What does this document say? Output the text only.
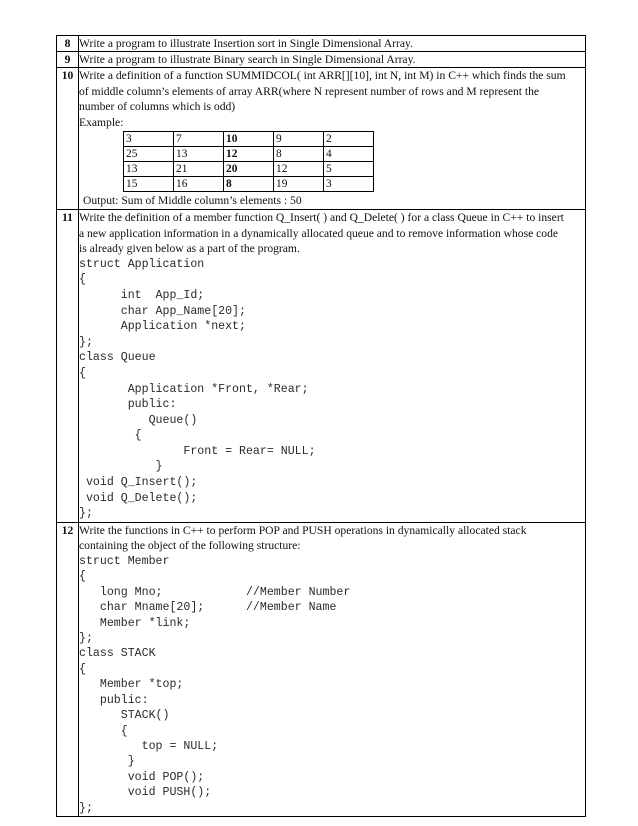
8	Write a program to illustrate Insertion sort in Single Dimensional Array.
9	Write a program to illustrate Binary search in Single Dimensional Array.
10	Write a definition of a function SUMMIDCOL( int ARR[][10], int N, int M) in C++ which finds the sum
of middle column’s elements of array ARR(where N represent number of rows and M represent the
number of columns which is odd)
Example:
3	7	10	9	2
25	13	12	8	4
13	21	20	12	5
15	16	8	19	3
Output: Sum of Middle column’s elements : 50

11	Write the definition of a member function Q_Insert( ) and Q_Delete( ) for a class Queue in C++ to insert
a new application information in a dynamically allocated queue and to remove information whose code
is already given below as a part of the program.
struct Application
{
int  App_Id;
char App_Name[20];
Application *next;
};
class Queue
{
Application *Front, *Rear;
public:
Queue()
{
Front = Rear= NULL;
}
void Q_Insert();
void Q_Delete();
};

12	Write the functions in C++ to perform POP and PUSH operations in dynamically allocated stack
containing the object of the following structure:
struct Member
{
long Mno;            //Member Number
char Mname[20];      //Member Name
Member *link;
};
class STACK
{
Member *top;
public:
STACK()
{
top = NULL;
}
void POP();
void PUSH();
};
